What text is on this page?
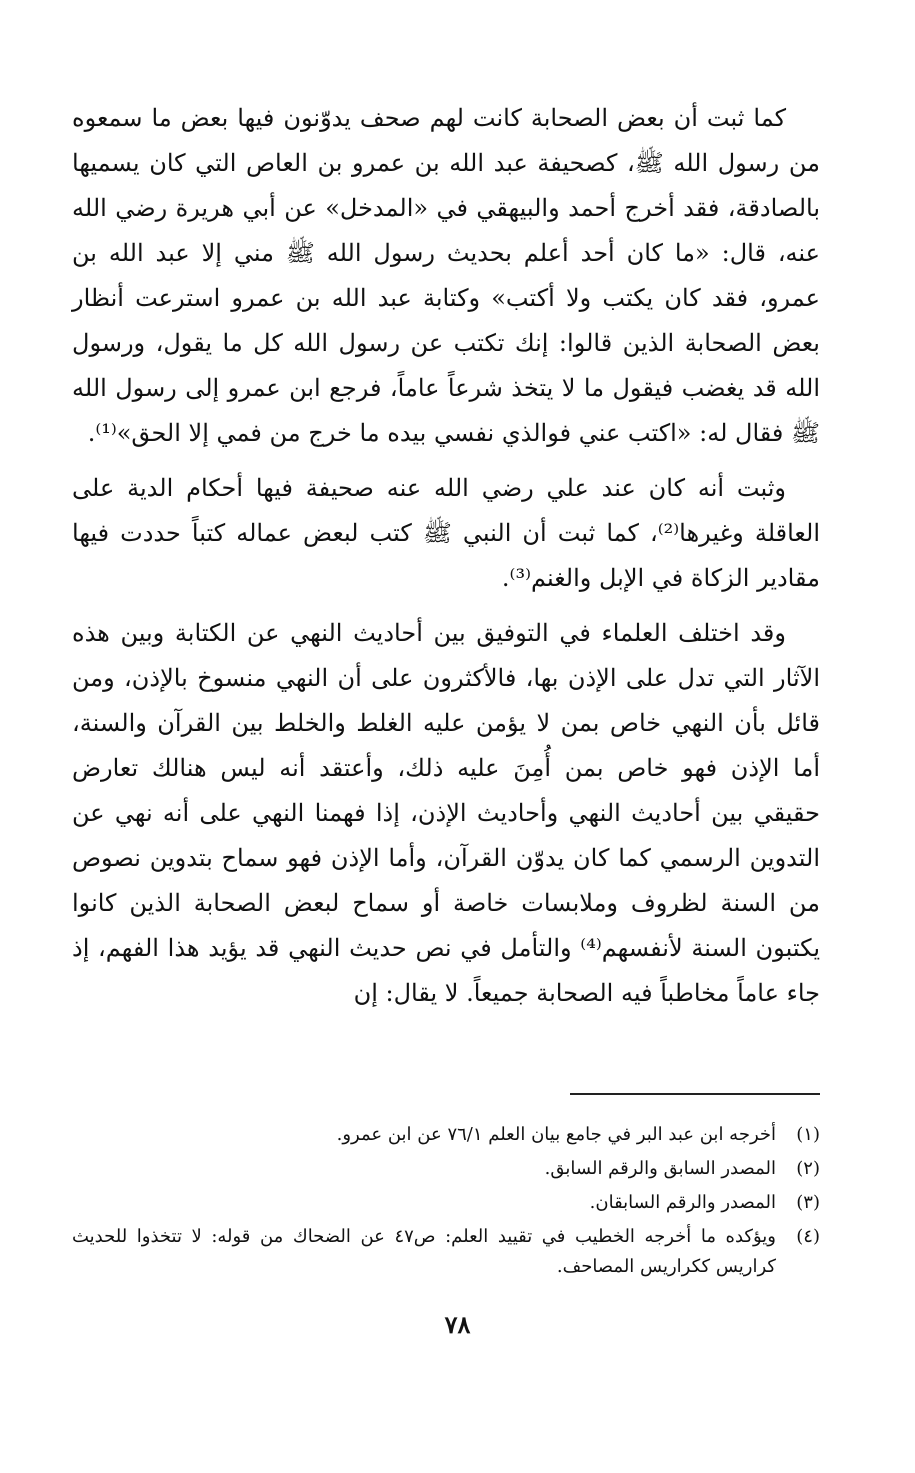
كما ثبت أن بعض الصحابة كانت لهم صحف يدوّنون فيها بعض ما سمعوه من رسول الله ﷺ، كصحيفة عبد الله بن عمرو بن العاص التي كان يسميها بالصادقة، فقد أخرج أحمد والبيهقي في «المدخل» عن أبي هريرة رضي الله عنه، قال: «ما كان أحد أعلم بحديث رسول الله ﷺ مني إلا عبد الله بن عمرو، فقد كان يكتب ولا أكتب» وكتابة عبد الله بن عمرو استرعت أنظار بعض الصحابة الذين قالوا: إنك تكتب عن رسول الله كل ما يقول، ورسول الله قد يغضب فيقول ما لا يتخذ شرعاً عاماً، فرجع ابن عمرو إلى رسول الله ﷺ فقال له: «اكتب عني فوالذي نفسي بيده ما خرج من فمي إلا الحق»⁽¹⁾.

وثبت أنه كان عند علي رضي الله عنه صحيفة فيها أحكام الدية على العاقلة وغيرها⁽²⁾، كما ثبت أن النبي ﷺ كتب لبعض عماله كتباً حددت فيها مقادير الزكاة في الإبل والغنم⁽³⁾.

وقد اختلف العلماء في التوفيق بين أحاديث النهي عن الكتابة وبين هذه الآثار التي تدل على الإذن بها، فالأكثرون على أن النهي منسوخ بالإذن، ومن قائل بأن النهي خاص بمن لا يؤمن عليه الغلط والخلط بين القرآن والسنة، أما الإذن فهو خاص بمن أُمِنَ عليه ذلك، وأعتقد أنه ليس هنالك تعارض حقيقي بين أحاديث النهي وأحاديث الإذن، إذا فهمنا النهي على أنه نهي عن التدوين الرسمي كما كان يدوّن القرآن، وأما الإذن فهو سماح بتدوين نصوص من السنة لظروف وملابسات خاصة أو سماح لبعض الصحابة الذين كانوا يكتبون السنة لأنفسهم⁽⁴⁾ والتأمل في نص حديث النهي قد يؤيد هذا الفهم، إذ جاء عاماً مخاطباً فيه الصحابة جميعاً. لا يقال: إن

(١)
أخرجه ابن عبد البر في جامع بيان العلم ٧٦/١ عن ابن عمرو.
(٢)
المصدر السابق والرقم السابق.
(٣)
المصدر والرقم السابقان.
(٤)
ويؤكده ما أخرجه الخطيب في تقييد العلم: ص٤٧ عن الضحاك من قوله: لا تتخذوا للحديث كراريس ككراريس المصاحف.
٧٨
